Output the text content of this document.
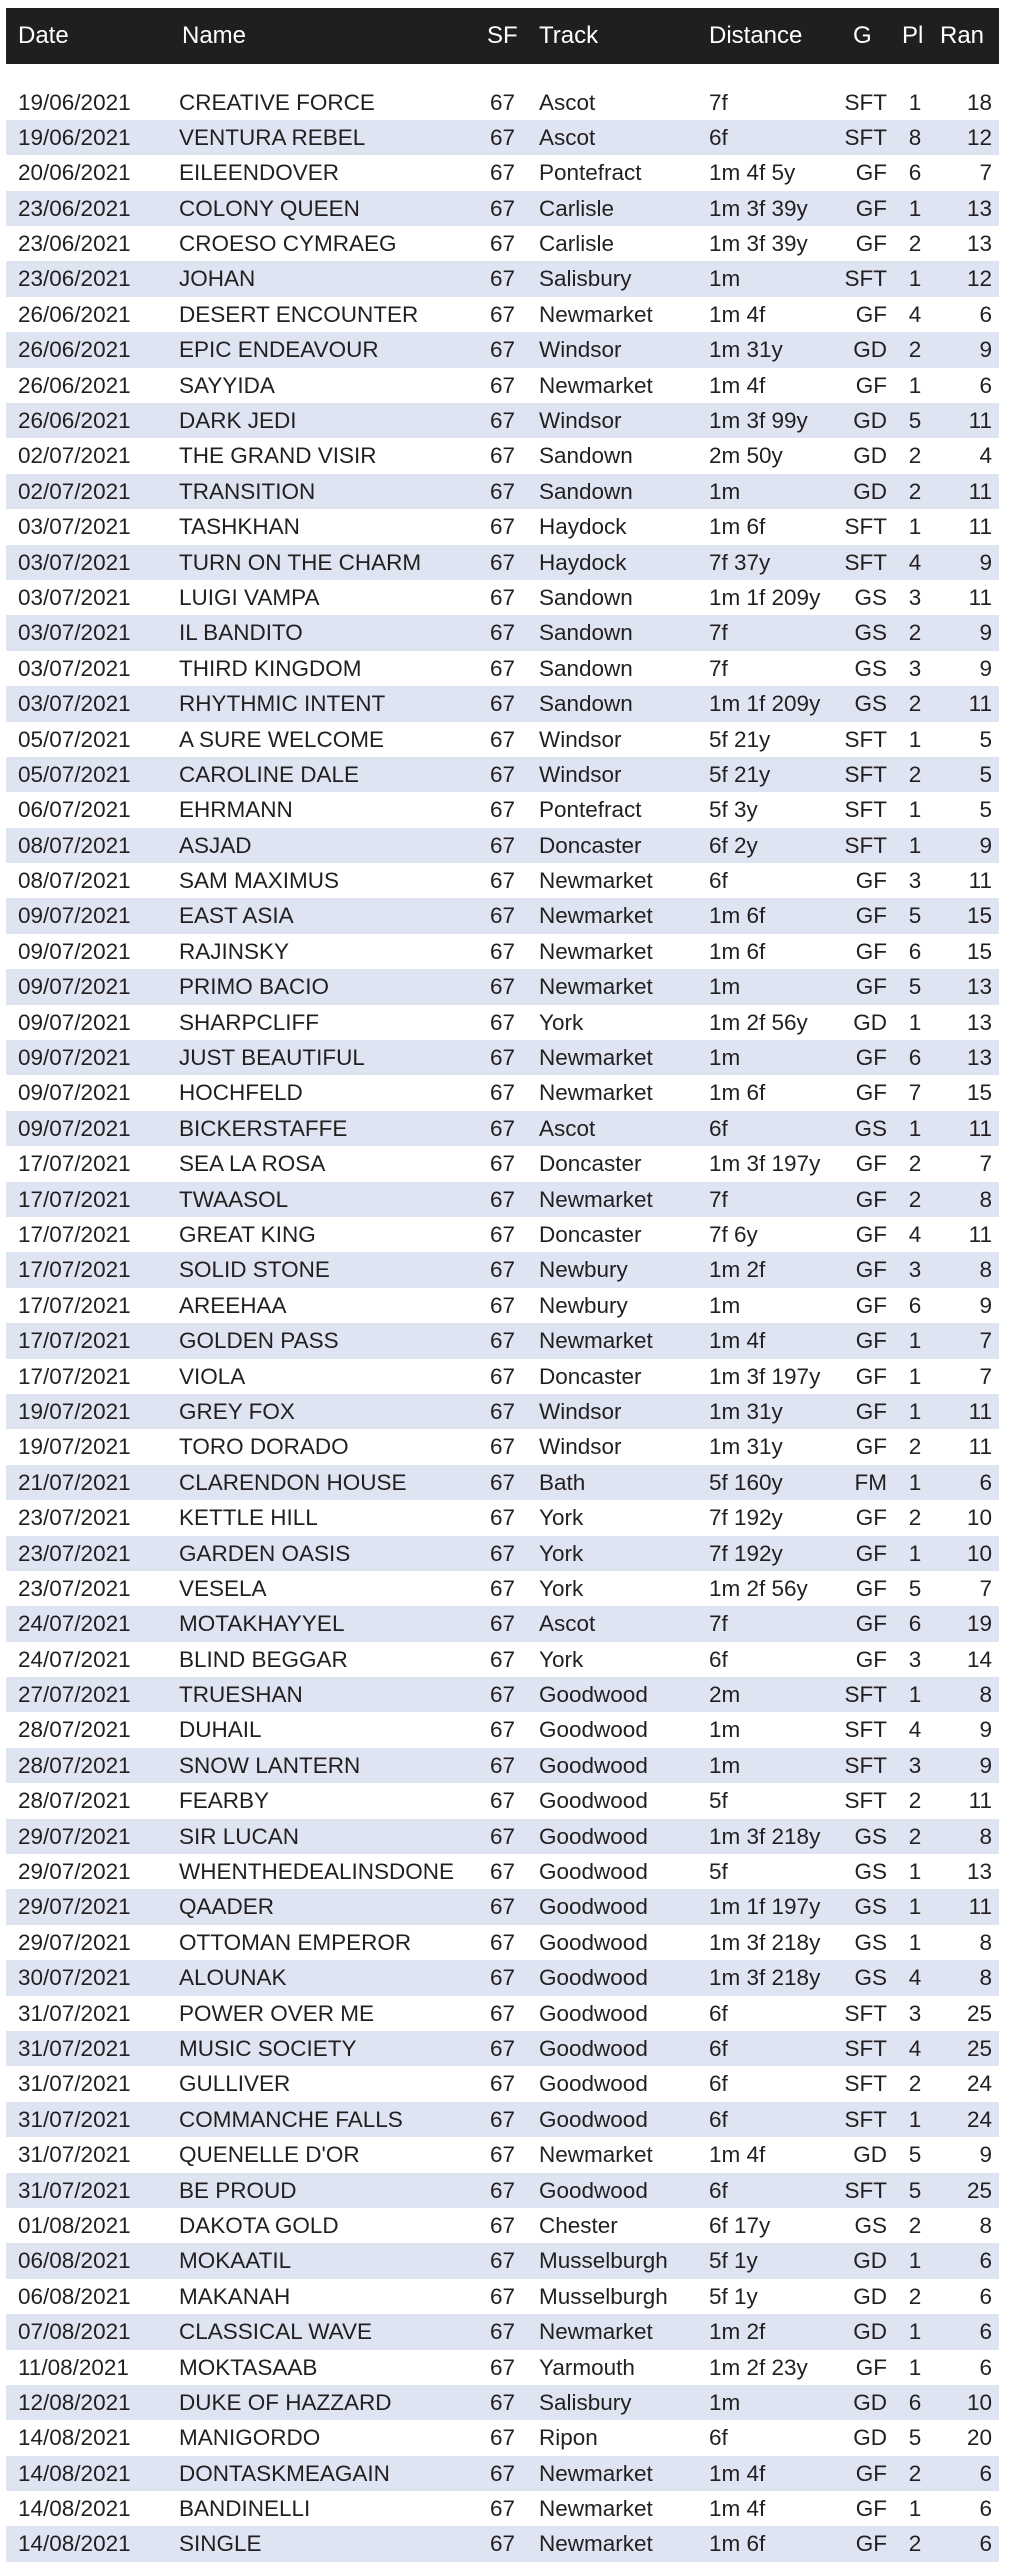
Date	Name	SF Track	Distance G Pl Ran
19/06/2021 CREATIVE FORCE	67 Ascot	7f	SFT 1	18
19/06/2021 VENTURA REBEL	67 Ascot	6f	SFT 8	12
20/06/2021 EILEENDOVER	67 Pontefract	1m 4f 5y	GF 6	7
23/06/2021 COLONY QUEEN	67 Carlisle	1m 3f 39y	GF 1	13
23/06/2021 CROESO CYMRAEG	67 Carlisle	1m 3f 39y	GF 2	13
23/06/2021 JOHAN	67 Salisbury	1m	SFT 1	12
26/06/2021 DESERT ENCOUNTER	67 Newmarket 1m 4f	GF 4	6
26/06/2021 EPIC ENDEAVOUR	67 Windsor	1m 31y	GD 2	9
26/06/2021 SAYYIDA	67 Newmarket 1m 4f	GF 1	6
26/06/2021 DARK JEDI	67 Windsor	1m 3f 99y	GD 5	11
02/07/2021 THE GRAND VISIR	67 Sandown	2m 50y	GD 2	4
02/07/2021 TRANSITION	67 Sandown	1m	GD 2	11
03/07/2021 TASHKHAN	67 Haydock	1m 6f	SFT 1	11
03/07/2021 TURN ON THE CHARM	67 Haydock	7f 37y	SFT 4	9
03/07/2021 LUIGI VAMPA	67 Sandown	1m 1f 209y	GS 3	11
03/07/2021 IL BANDITO	67 Sandown	7f	GS 2	9
03/07/2021 THIRD KINGDOM	67 Sandown	7f	GS 3	9
03/07/2021 RHYTHMIC INTENT	67 Sandown	1m 1f 209y	GS 2	11
05/07/2021 A SURE WELCOME	67 Windsor	5f 21y	SFT 1	5
05/07/2021 CAROLINE DALE	67 Windsor	5f 21y	SFT 2	5
06/07/2021 EHRMANN	67 Pontefract	5f 3y	SFT 1	5
08/07/2021 ASJAD	67 Doncaster	6f 2y	SFT 1	9
08/07/2021 SAM MAXIMUS	67 Newmarket 6f	GF 3	11
09/07/2021 EAST ASIA	67 Newmarket 1m 6f	GF 5	15
09/07/2021 RAJINSKY	67 Newmarket 1m 6f	GF 6	15
09/07/2021 PRIMO BACIO	67 Newmarket 1m	GF 5	13
09/07/2021 SHARPCLIFF	67 York	1m 2f 56y	GD 1	13
09/07/2021 JUST BEAUTIFUL	67 Newmarket 1m	GF 6	13
09/07/2021 HOCHFELD	67 Newmarket 1m 6f	GF 7	15
09/07/2021 BICKERSTAFFE	67 Ascot	6f	GS 1	11
17/07/2021 SEA LA ROSA	67 Doncaster	1m 3f 197y	GF 2	7
17/07/2021 TWAASOL	67 Newmarket 7f	GF 2	8
17/07/2021 GREAT KING	67 Doncaster	7f 6y	GF 4	11
17/07/2021 SOLID STONE	67 Newbury	1m 2f	GF 3	8
17/07/2021 AREEHAA	67 Newbury	1m	GF 6	9
17/07/2021 GOLDEN PASS	67 Newmarket 1m 4f	GF 1	7
17/07/2021 VIOLA	67 Doncaster	1m 3f 197y	GF 1	7
19/07/2021 GREY FOX	67 Windsor	1m 31y	GF 1	11
19/07/2021 TORO DORADO	67 Windsor	1m 31y	GF 2	11
21/07/2021 CLARENDON HOUSE	67 Bath	5f 160y	FM 1	6
23/07/2021 KETTLE HILL	67 York	7f 192y	GF 2	10
23/07/2021 GARDEN OASIS	67 York	7f 192y	GF 1	10
23/07/2021 VESELA	67 York	1m 2f 56y	GF 5	7
24/07/2021 MOTAKHAYYEL	67 Ascot	7f	GF 6	19
24/07/2021 BLIND BEGGAR	67 York	6f	GF 3	14
27/07/2021 TRUESHAN	67 Goodwood	2m	SFT 1	8
28/07/2021 DUHAIL	67 Goodwood	1m	SFT 4	9
28/07/2021 SNOW LANTERN	67 Goodwood	1m	SFT 3	9
28/07/2021 FEARBY	67 Goodwood	5f	SFT 2	11
29/07/2021 SIR LUCAN	67 Goodwood	1m 3f 218y	GS 2	8
29/07/2021 WHENTHEDEALINSDONE 67 Goodwood	5f	GS 1	13
29/07/2021 QAADER	67 Goodwood	1m 1f 197y	GS 1	11
29/07/2021 OTTOMAN EMPEROR	67 Goodwood	1m 3f 218y	GS 1	8
30/07/2021 ALOUNAK	67 Goodwood	1m 3f 218y	GS 4	8
31/07/2021 POWER OVER ME	67 Goodwood	6f	SFT 3	25
31/07/2021 MUSIC SOCIETY	67 Goodwood	6f	SFT 4	25
31/07/2021 GULLIVER	67 Goodwood	6f	SFT 2	24
31/07/2021 COMMANCHE FALLS	67 Goodwood	6f	SFT 1	24
31/07/2021 QUENELLE D'OR	67 Newmarket 1m 4f	GD 5	9
31/07/2021 BE PROUD	67 Goodwood	6f	SFT 5	25
01/08/2021 DAKOTA GOLD	67 Chester	6f 17y	GS 2	8
06/08/2021 MOKAATIL	67 Musselburgh 5f 1y	GD 1	6
06/08/2021 MAKANAH	67 Musselburgh 5f 1y	GD 2	6
07/08/2021 CLASSICAL WAVE	67 Newmarket 1m 2f	GD 1	6
11/08/2021 MOKTASAAB	67 Yarmouth	1m 2f 23y	GF 1	6
12/08/2021 DUKE OF HAZZARD	67 Salisbury	1m	GD 6	10
14/08/2021 MANIGORDO	67 Ripon	6f	GD 5	20
14/08/2021 DONTASKMEAGAIN	67 Newmarket 1m 4f	GF 2	6
14/08/2021 BANDINELLI	67 Newmarket 1m 4f	GF 1	6
14/08/2021 SINGLE	67 Newmarket 1m 6f	GF 2	6
